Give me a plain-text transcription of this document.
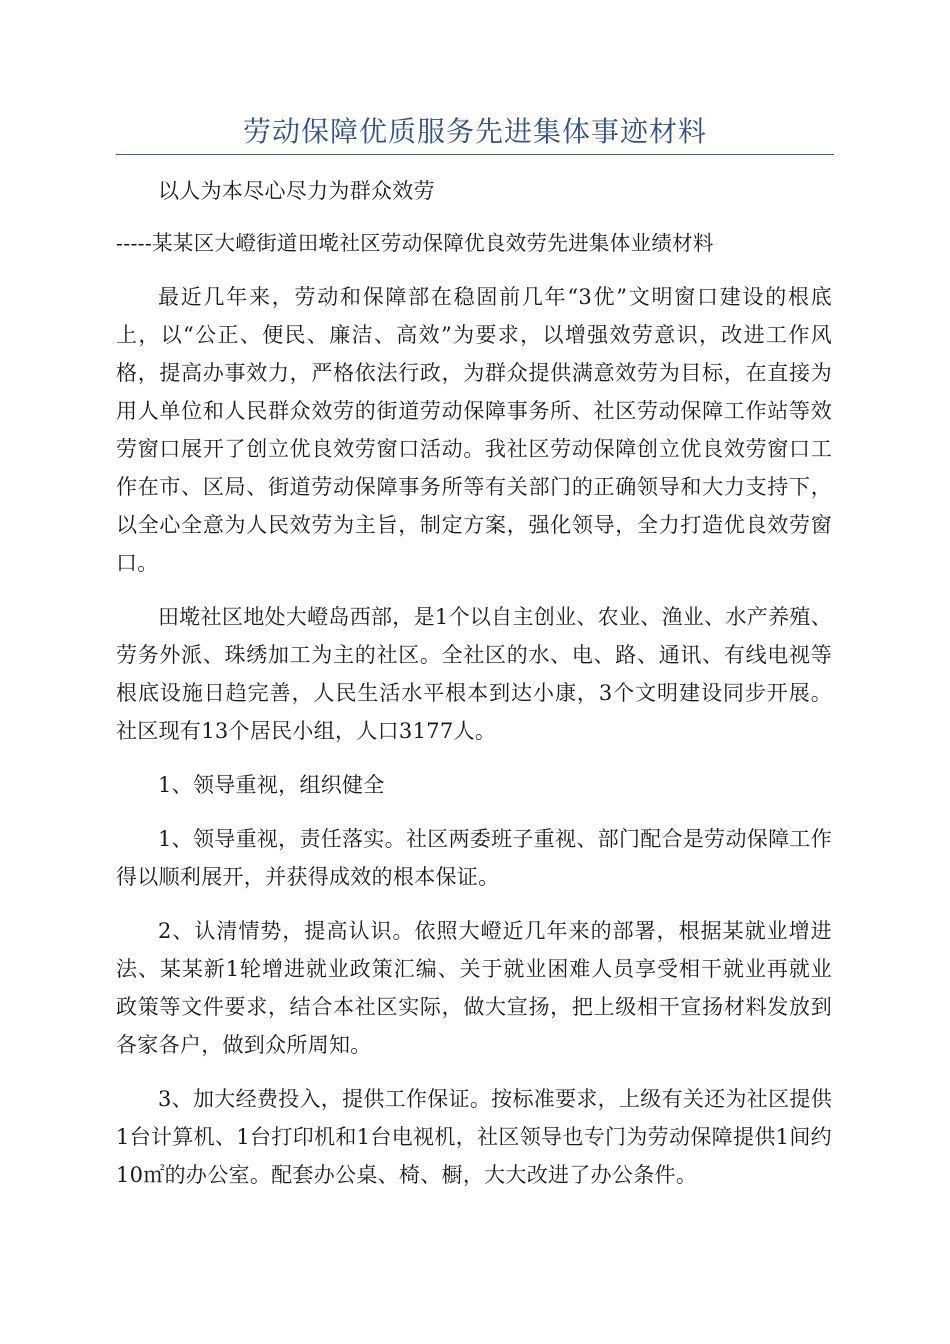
劳动保障优质服务先进集体事迹材料

以人为本尽心尽力为群众效劳

-----某某区大嶝街道田墘社区劳动保障优良效劳先进集体业绩材料

最近几年来，劳动和保障部在稳固前几年“3优”文明窗口建设的根底上，以“公正、便民、廉洁、高效”为要求，以增强效劳意识，改进工作风格，提高办事效力，严格依法行政，为群众提供满意效劳为目标，在直接为用人单位和人民群众效劳的街道劳动保障事务所、社区劳动保障工作站等效劳窗口展开了创立优良效劳窗口活动。我社区劳动保障创立优良效劳窗口工作在市、区局、街道劳动保障事务所等有关部门的正确领导和大力支持下，以全心全意为人民效劳为主旨，制定方案，强化领导，全力打造优良效劳窗口。

田墘社区地处大嶝岛西部，是1个以自主创业、农业、渔业、水产养殖、劳务外派、珠绣加工为主的社区。全社区的水、电、路、通讯、有线电视等根底设施日趋完善，人民生活水平根本到达小康，3个文明建设同步开展。社区现有13个居民小组，人口3177人。

1、领导重视，组织健全

1、领导重视，责任落实。社区两委班子重视、部门配合是劳动保障工作得以顺利展开，并获得成效的根本保证。

2、认清情势，提高认识。依照大嶝近几年来的部署，根据某就业增进法、某某新1轮增进就业政策汇编、关于就业困难人员享受相干就业再就业政策等文件要求，结合本社区实际，做大宣扬，把上级相干宣扬材料发放到各家各户，做到众所周知。

3、加大经费投入，提供工作保证。按标准要求，上级有关还为社区提供1台计算机、1台打印机和1台电视机，社区领导也专门为劳动保障提供1间约10㎡的办公室。配套办公桌、椅、橱，大大改进了办公条件。
